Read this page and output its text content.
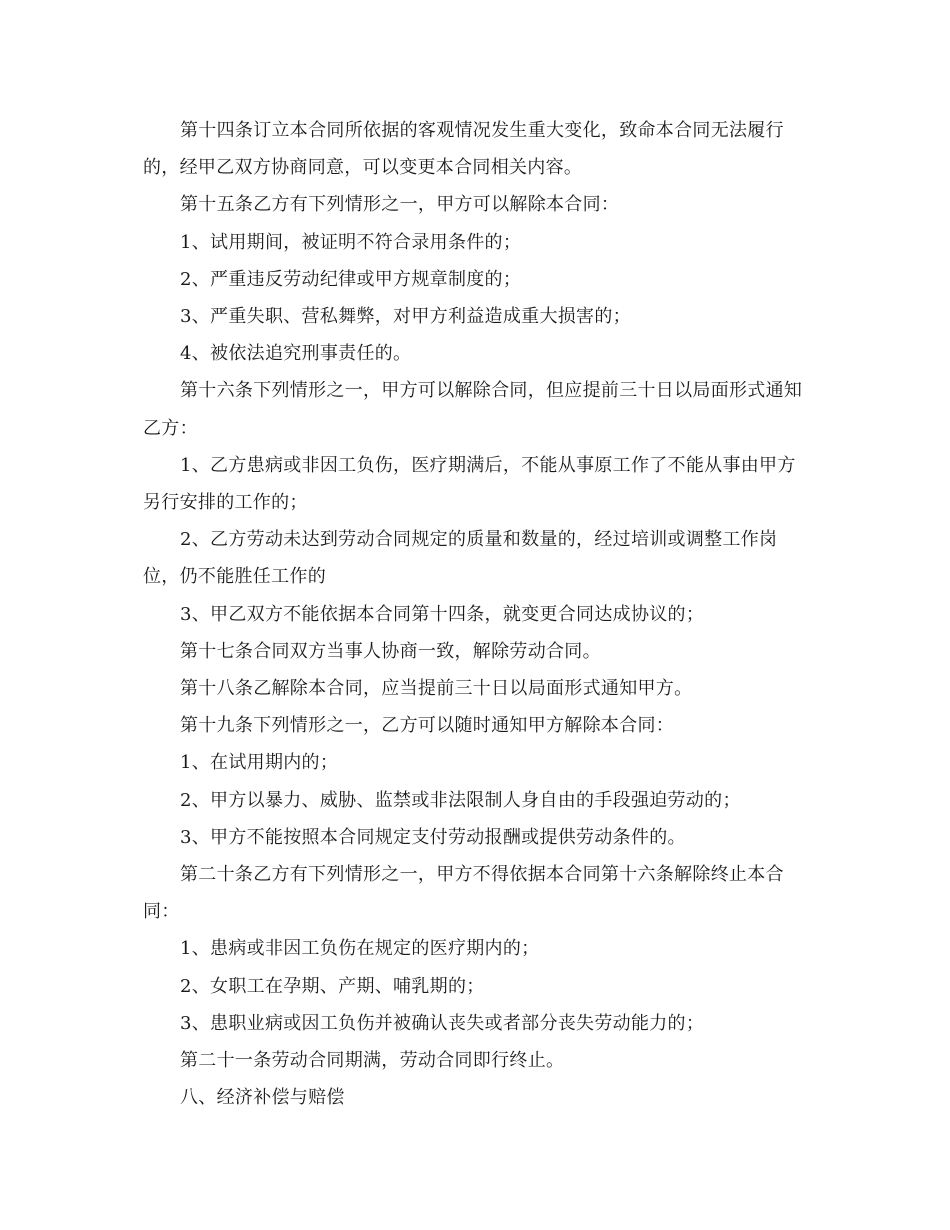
第十四条订立本合同所依据的客观情况发生重大变化，致命本合同无法履行的，经甲乙双方协商同意，可以变更本合同相关内容。

第十五条乙方有下列情形之一，甲方可以解除本合同：

1、试用期间，被证明不符合录用条件的；

2、严重违反劳动纪律或甲方规章制度的；

3、严重失职、营私舞弊，对甲方利益造成重大损害的；

4、被依法追究刑事责任的。

第十六条下列情形之一，甲方可以解除合同，但应提前三十日以局面形式通知乙方：

1、乙方患病或非因工负伤，医疗期满后，不能从事原工作了不能从事由甲方另行安排的工作的；

2、乙方劳动未达到劳动合同规定的质量和数量的，经过培训或调整工作岗位，仍不能胜任工作的

3、甲乙双方不能依据本合同第十四条，就变更合同达成协议的；

第十七条合同双方当事人协商一致，解除劳动合同。

第十八条乙解除本合同，应当提前三十日以局面形式通知甲方。

第十九条下列情形之一，乙方可以随时通知甲方解除本合同：

1、在试用期内的；

2、甲方以暴力、威胁、监禁或非法限制人身自由的手段强迫劳动的；

3、甲方不能按照本合同规定支付劳动报酬或提供劳动条件的。

第二十条乙方有下列情形之一，甲方不得依据本合同第十六条解除终止本合同：

1、患病或非因工负伤在规定的医疗期内的；

2、女职工在孕期、产期、哺乳期的；

3、患职业病或因工负伤并被确认丧失或者部分丧失劳动能力的；

第二十一条劳动合同期满，劳动合同即行终止。

八、经济补偿与赔偿
